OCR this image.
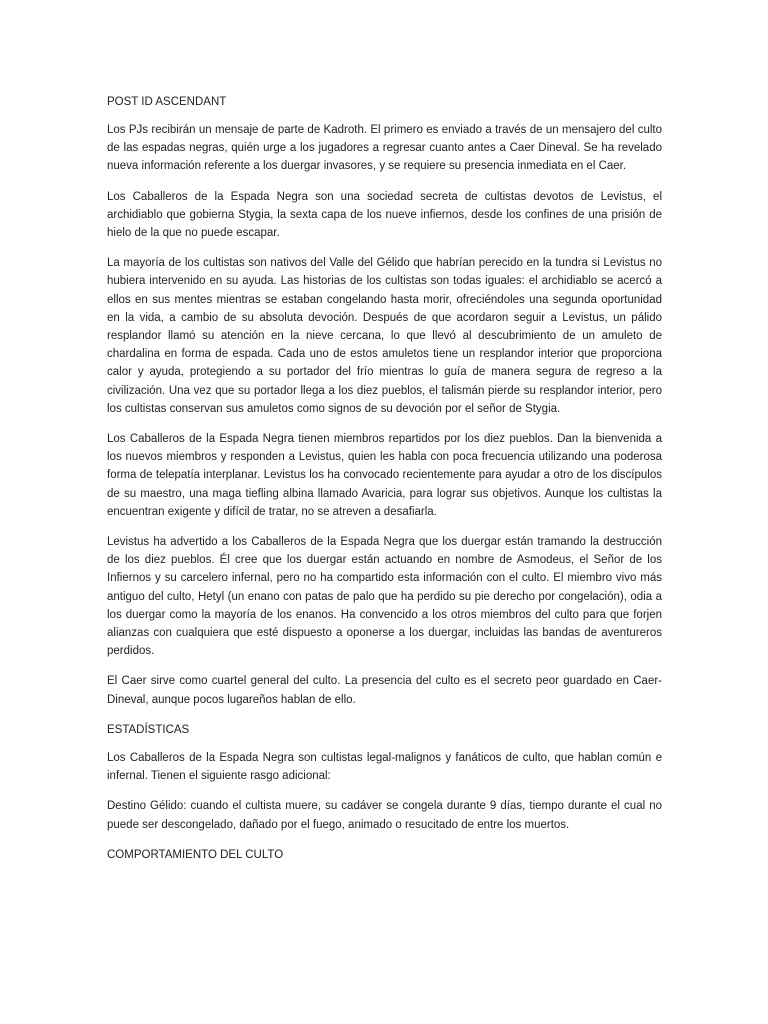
POST ID ASCENDANT

Los PJs recibirán un mensaje de parte de Kadroth. El primero es enviado a través de un mensajero del culto de las espadas negras, quién urge a los jugadores a regresar cuanto antes a Caer Dineval. Se ha revelado nueva información referente a los duergar invasores, y se requiere su presencia inmediata en el Caer.

Los Caballeros de la Espada Negra son una sociedad secreta de cultistas devotos de Levistus, el archidiablo que gobierna Stygia, la sexta capa de los nueve infiernos, desde los confines de una prisión de hielo de la que no puede escapar.

La mayoría de los cultistas son nativos del Valle del Gélido que habrían perecido en la tundra si Levistus no hubiera intervenido en su ayuda. Las historias de los cultistas son todas iguales: el archidiablo se acercó a ellos en sus mentes mientras se estaban congelando hasta morir, ofreciéndoles una segunda oportunidad en la vida, a cambio de su absoluta devoción. Después de que acordaron seguir a Levistus, un pálido resplandor llamó su atención en la nieve cercana, lo que llevó al descubrimiento de un amuleto de chardalina en forma de espada. Cada uno de estos amuletos tiene un resplandor interior que proporciona calor y ayuda, protegiendo a su portador del frío mientras lo guía de manera segura de regreso a la civilización. Una vez que su portador llega a los diez pueblos, el talismán pierde su resplandor interior, pero los cultistas conservan sus amuletos como signos de su devoción por el señor de Stygia.

Los Caballeros de la Espada Negra tienen miembros repartidos por los diez pueblos. Dan la bienvenida a los nuevos miembros y responden a Levistus, quien les habla con poca frecuencia utilizando una poderosa forma de telepatía interplanar. Levistus los ha convocado recientemente para ayudar a otro de los discípulos de su maestro, una maga tiefling albina llamado Avaricia, para lograr sus objetivos. Aunque los cultistas la encuentran exigente y difícil de tratar, no se atreven a desafiarla.

Levistus ha advertido a los Caballeros de la Espada Negra que los duergar están tramando la destrucción de los diez pueblos. Él cree que los duergar están actuando en nombre de Asmodeus, el Señor de los Infiernos y su carcelero infernal, pero no ha compartido esta información con el culto. El miembro vivo más antiguo del culto, Hetyl (un enano con patas de palo que ha perdido su pie derecho por congelación), odia a los duergar como la mayoría de los enanos. Ha convencido a los otros miembros del culto para que forjen alianzas con cualquiera que esté dispuesto a oponerse a los duergar, incluidas las bandas de aventureros perdidos.

El Caer sirve como cuartel general del culto. La presencia del culto es el secreto peor guardado en Caer-Dineval, aunque pocos lugareños hablan de ello.

ESTADÍSTICAS

Los Caballeros de la Espada Negra son cultistas legal-malignos y fanáticos de culto, que hablan común e infernal. Tienen el siguiente rasgo adicional:

Destino Gélido: cuando el cultista muere, su cadáver se congela durante 9 días, tiempo durante el cual no puede ser descongelado, dañado por el fuego, animado o resucitado de entre los muertos.

COMPORTAMIENTO DEL CULTO
